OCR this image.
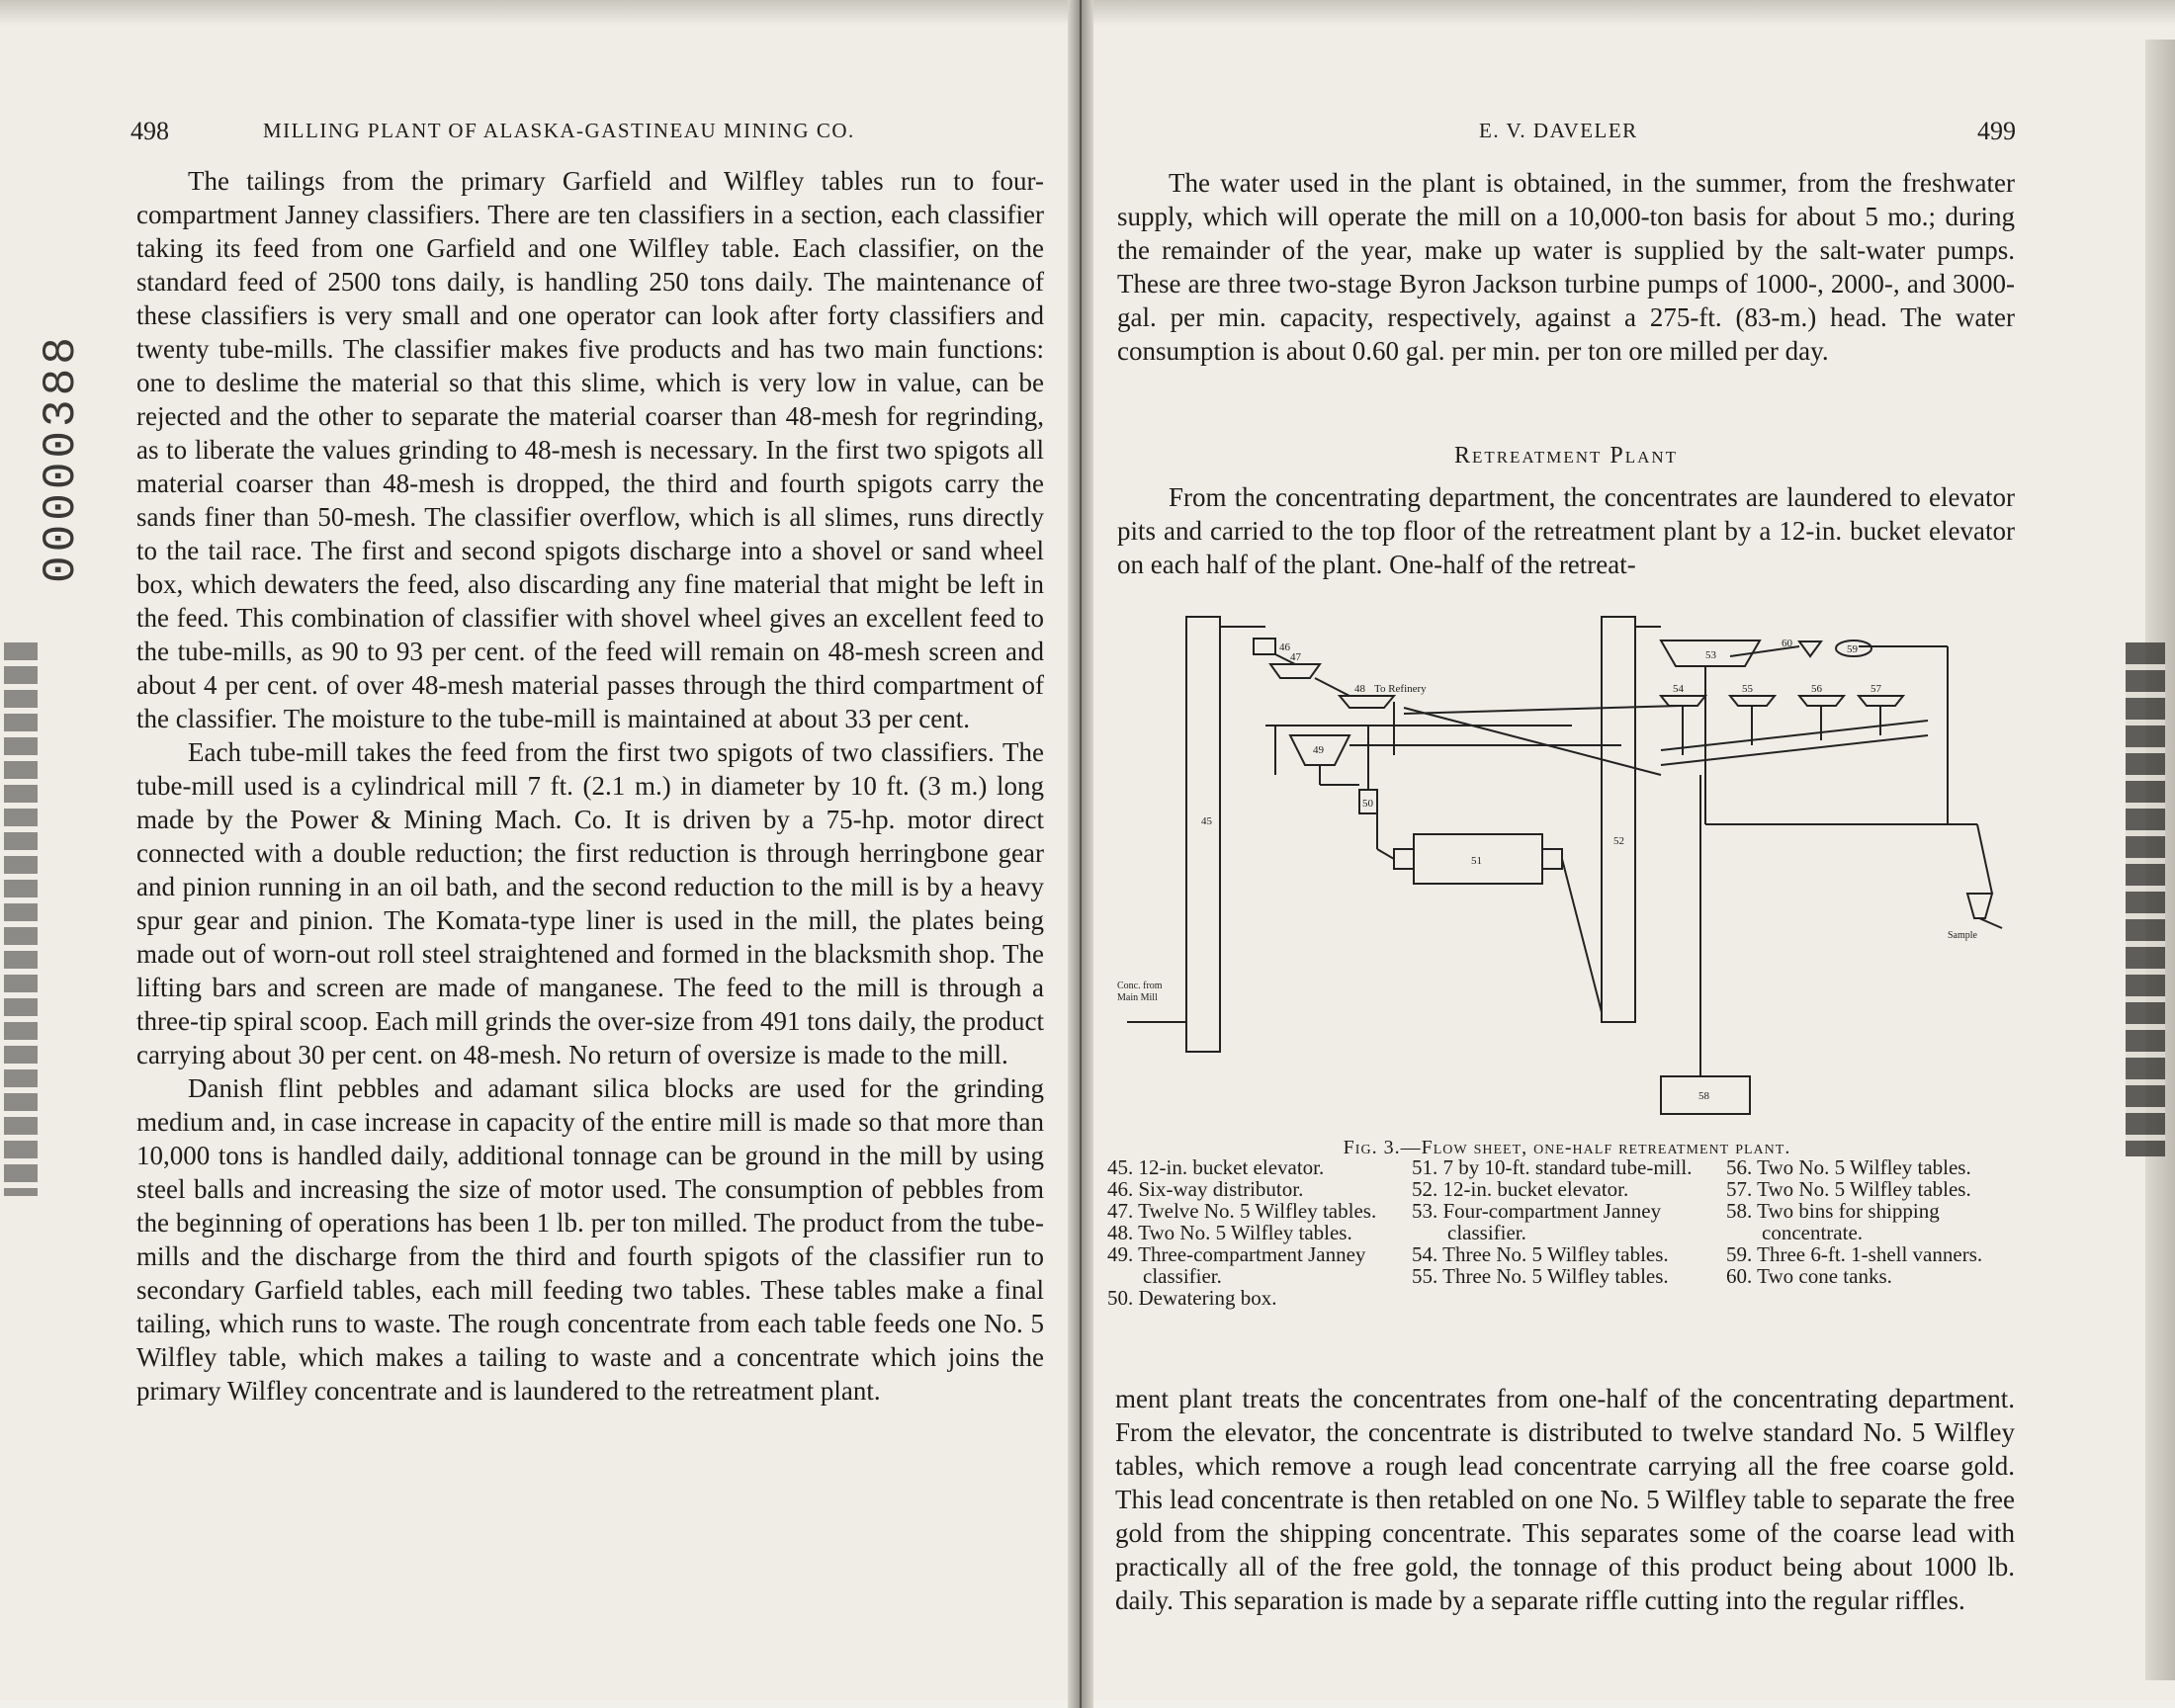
498	MILLING PLANT OF ALASKA-GASTINEAU MINING CO.
00000388

The tailings from the primary Garfield and Wilfley tables run to four-compartment Janney classifiers. There are ten classifiers in a section, each classifier taking its feed from one Garfield and one Wilfley table. Each classifier, on the standard feed of 2500 tons daily, is handling 250 tons daily. The maintenance of these classifiers is very small and one operator can look after forty classifiers and twenty tube-mills. The classifier makes five products and has two main functions: one to deslime the material so that this slime, which is very low in value, can be rejected and the other to separate the material coarser than 48-mesh for regrinding, as to liberate the values grinding to 48-mesh is necessary. In the first two spigots all material coarser than 48-mesh is dropped, the third and fourth spigots carry the sands finer than 50-mesh. The classifier overflow, which is all slimes, runs directly to the tail race. The first and second spigots discharge into a shovel or sand wheel box, which dewaters the feed, also discarding any fine material that might be left in the feed. This combination of classifier with shovel wheel gives an excellent feed to the tube-mills, as 90 to 93 per cent. of the feed will remain on 48-mesh screen and about 4 per cent. of over 48-mesh material passes through the third compartment of the classifier. The moisture to the tube-mill is maintained at about 33 per cent.

Each tube-mill takes the feed from the first two spigots of two classifiers. The tube-mill used is a cylindrical mill 7 ft. (2.1 m.) in diameter by 10 ft. (3 m.) long made by the Power & Mining Mach. Co. It is driven by a 75-hp. motor direct connected with a double reduction; the first reduction is through herringbone gear and pinion running in an oil bath, and the second reduction to the mill is by a heavy spur gear and pinion. The Komata-type liner is used in the mill, the plates being made out of worn-out roll steel straightened and formed in the blacksmith shop. The lifting bars and screen are made of manganese. The feed to the mill is through a three-tip spiral scoop. Each mill grinds the over-size from 491 tons daily, the product carrying about 30 per cent. on 48-mesh. No return of oversize is made to the mill.

Danish flint pebbles and adamant silica blocks are used for the grinding medium and, in case increase in capacity of the entire mill is made so that more than 10,000 tons is handled daily, additional tonnage can be ground in the mill by using steel balls and increasing the size of motor used. The consumption of pebbles from the beginning of operations has been 1 lb. per ton milled. The product from the tube-mills and the discharge from the third and fourth spigots of the classifier run to secondary Garfield tables, each mill feeding two tables. These tables make a final tailing, which runs to waste. The rough concentrate from each table feeds one No. 5 Wilfley table, which makes a tailing to waste and a concentrate which joins the primary Wilfley concentrate and is laundered to the retreatment plant.

E. V. DAVELER	499

The water used in the plant is obtained, in the summer, from the freshwater supply, which will operate the mill on a 10,000-ton basis for about 5 mo.; during the remainder of the year, make up water is supplied by the salt-water pumps. These are three two-stage Byron Jackson turbine pumps of 1000-, 2000-, and 3000-gal. per min. capacity, respectively, against a 275-ft. (83-m.) head. The water consumption is about 0.60 gal. per min. per ton ore milled per day.

Retreatment Plant

From the concentrating department, the concentrates are laundered to elevator pits and carried to the top floor of the retreatment plant by a 12-in. bucket elevator on each half of the plant. One-half of the retreat-

45
46
47
48 To Refinery
49
50
51
52
53
54	55	56	57
58
59
60
Conc. from
Main Mill
Sample
Fig. 3.—Flow sheet, one-half retreatment plant.
45. 12-in. bucket elevator.
46. Six-way distributor.
47. Twelve No. 5 Wilfley tables.
48. Two No. 5 Wilfley tables.
49. Three-compartment Janney classifier.
50. Dewatering box.
51. 7 by 10-ft. standard tube-mill.
52. 12-in. bucket elevator.
53. Four-compartment Janney classifier.
54. Three No. 5 Wilfley tables.
55. Three No. 5 Wilfley tables.
56. Two No. 5 Wilfley tables.
57. Two No. 5 Wilfley tables.
58. Two bins for shipping concentrate.
59. Three 6-ft. 1-shell vanners.
60. Two cone tanks.

ment plant treats the concentrates from one-half of the concentrating department. From the elevator, the concentrate is distributed to twelve standard No. 5 Wilfley tables, which remove a rough lead concentrate carrying all the free coarse gold. This lead concentrate is then retabled on one No. 5 Wilfley table to separate the free gold from the shipping concentrate. This separates some of the coarse lead with practically all of the free gold, the tonnage of this product being about 1000 lb. daily. This separation is made by a separate riffle cutting into the regular riffles.
